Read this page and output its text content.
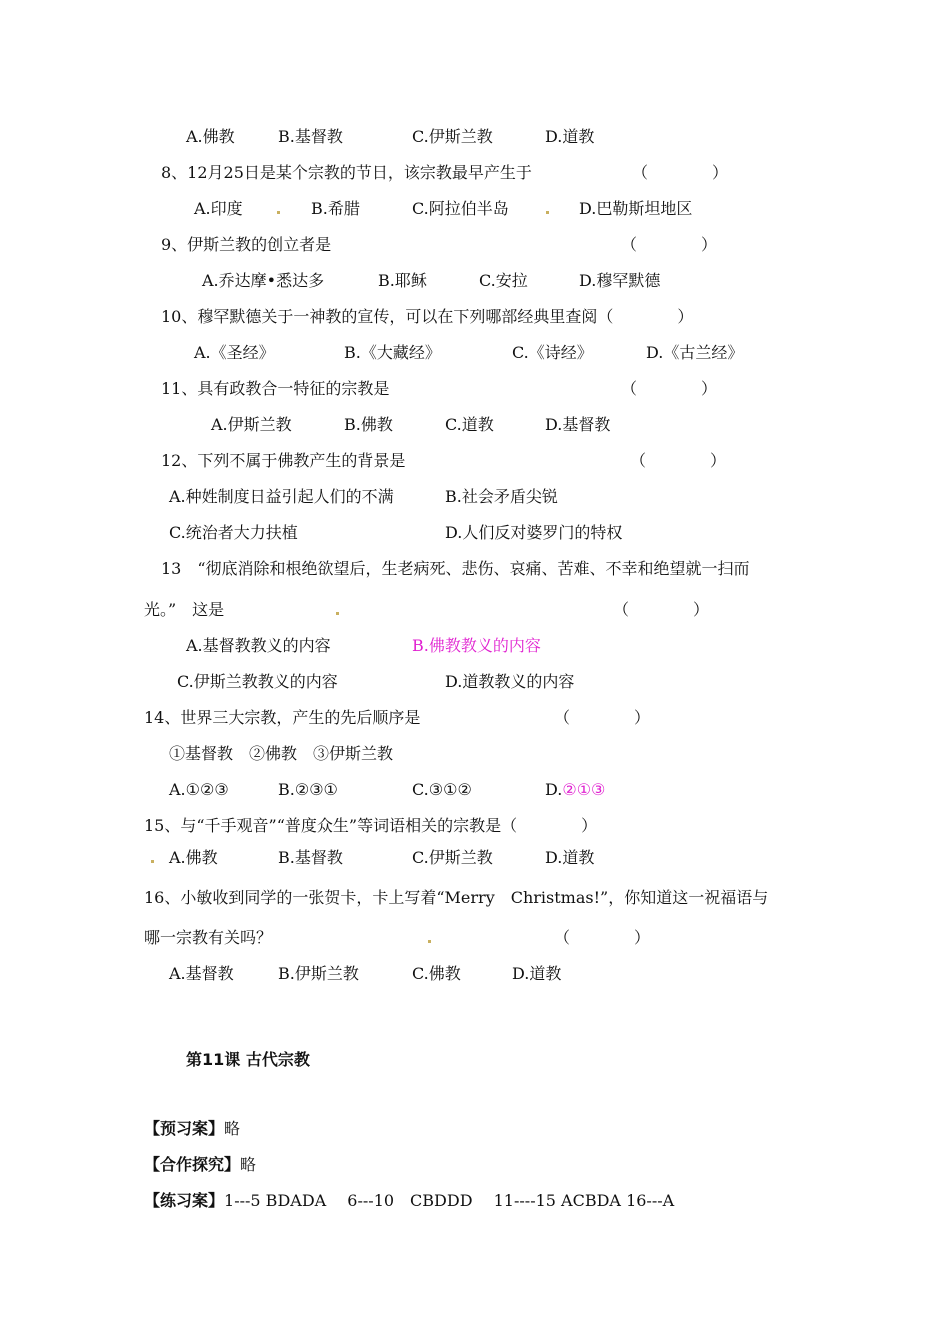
A.佛教	B.基督教	C.伊斯兰教	D.道教
8、12月25日是某个宗教的节日，该宗教最早产生于	（　　　　）
A.印度	B.希腊	C.阿拉伯半岛	D.巴勒斯坦地区
9、伊斯兰教的创立者是	（　　　　）
A.乔达摩•悉达多	B.耶稣	C.安拉	D.穆罕默德
10、穆罕默德关于一神教的宣传，可以在下列哪部经典里查阅（　　　　）
A.《圣经》	B.《大藏经》	C.《诗经》	D.《古兰经》
11、具有政教合一特征的宗教是	（　　　　）
A.伊斯兰教	B.佛教	C.道教	D.基督教
12、下列不属于佛教产生的背景是	（　　　　）
A.种姓制度日益引起人们的不满	B.社会矛盾尖锐
C.统治者大力扶植	D.人们反对婆罗门的特权
13　“彻底消除和根绝欲望后，生老病死、悲伤、哀痛、苦难、不幸和绝望就一扫而
光。”　这是	（　　　　）
A.基督教教义的内容	B.佛教教义的内容
C.伊斯兰教教义的内容	D.道教教义的内容
14、世界三大宗教，产生的先后顺序是	（　　　　）
①基督教　②佛教　③伊斯兰教
A.①②③	B.②③①	C.③①②	D.②①③
15、与“千手观音”“普度众生”等词语相关的宗教是（　　　　）
A.佛教	B.基督教	C.伊斯兰教	D.道教
16、小敏收到同学的一张贺卡，卡上写着“Merry　Christmas!”，你知道这一祝福语与
哪一宗教有关吗？	（　　　　）
A.基督教	B.伊斯兰教	C.佛教	D.道教
第11课 古代宗教
【预习案】略
【合作探究】略
【练习案】1---5 BDADA　 6---10　CBDDD　 11----15 ACBDA 16---A
